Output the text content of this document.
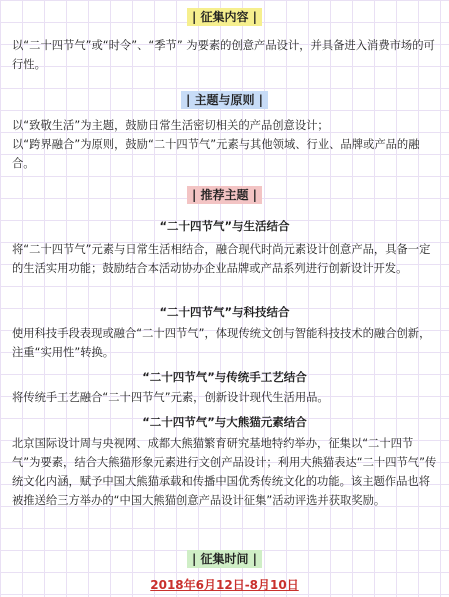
| 征集内容 |

以“二十四节气”或“时令”、“季节” 为要素的创意产品设计，并具备进入消费市场的可行性。

| 主题与原则 |

以“致敬生活”为主题，鼓励日常生活密切相关的产品创意设计；

以“跨界融合”为原则，鼓励“二十四节气”元素与其他领域、行业、品牌或产品的融合。

| 推荐主题 |
“二十四节气”与生活结合

将“二十四节气”元素与日常生活相结合，融合现代时尚元素设计创意产品，具备一定的生活实用功能；鼓励结合本活动协办企业品牌或产品系列进行创新设计开发。

“二十四节气”与科技结合

使用科技手段表现或融合“二十四节气”，体现传统文创与智能科技技术的融合创新，注重“实用性”转换。

“二十四节气”与传统手工艺结合

将传统手工艺融合“二十四节气”元素，创新设计现代生活用品。

“二十四节气”与大熊猫元素结合

北京国际设计周与央视网、成都大熊猫繁育研究基地特约举办，征集以“二十四节气”为要素，结合大熊猫形象元素进行文创产品设计；利用大熊猫表达“二十四节气”传统文化内涵，赋予中国大熊猫承载和传播中国优秀传统文化的功能。该主题作品也将被推送给三方举办的“中国大熊猫创意产品设计征集”活动评选并获取奖励。

| 征集时间 |
2018年6月12日-8月10日
